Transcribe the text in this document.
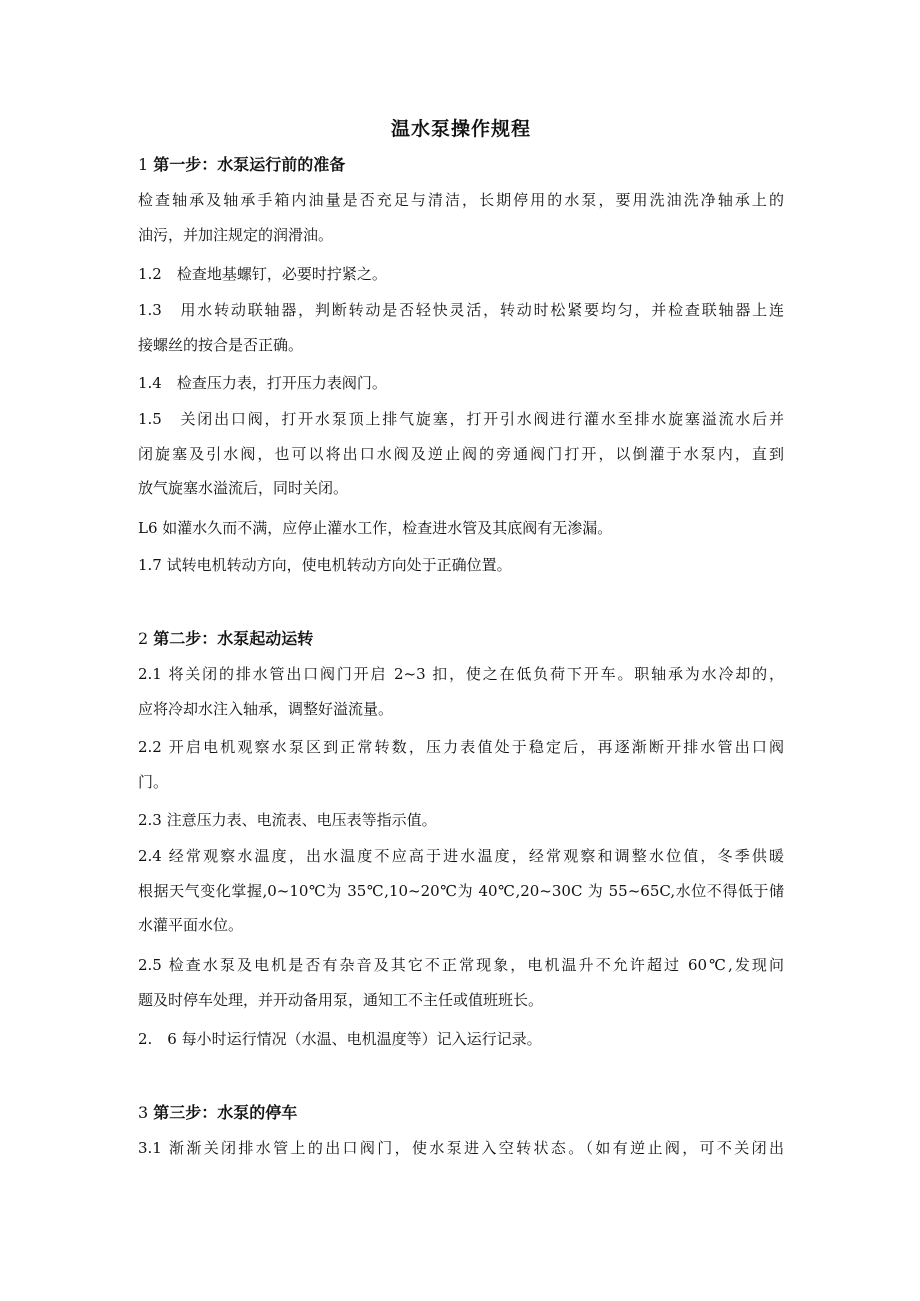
温水泵操作规程
1 第一步：水泵运行前的准备
检查轴承及轴承手箱内油量是否充足与清洁，长期停用的水泵，要用洗油洗净轴承上的
油污，并加注规定的润滑油。
1.2　检查地基螺钉，必要时拧紧之。
1.3　用水转动联轴器，判断转动是否轻快灵活，转动时松紧要均匀，并检查联轴器上连
接螺丝的按合是否正确。
1.4　检查压力表，打开压力表阀门。
1.5　关闭出口阀，打开水泵顶上排气旋塞，打开引水阀进行灌水至排水旋塞溢流水后并
闭旋塞及引水阀，也可以将出口水阀及逆止阀的旁通阀门打开，以倒灌于水泵内，直到
放气旋塞水溢流后，同时关闭。
L6 如灌水久而不满，应停止灌水工作，检查进水管及其底阀有无渗漏。
1.7 试转电机转动方向，使电机转动方向处于正确位置。
2 第二步：水泵起动运转
2.1 将关闭的排水管出口阀门开启 2~3 扣，使之在低负荷下开车。职轴承为水冷却的，
应将冷却水注入轴承，调整好溢流量。
2.2 开启电机观察水泵区到正常转数，压力表值处于稳定后，再逐渐断开排水管出口阀
门。
2.3 注意压力表、电流表、电压表等指示值。
2.4 经常观察水温度，出水温度不应高于进水温度，经常观察和调整水位值，冬季供暖
根据天气变化掌握,0~10℃为 35℃,10~20℃为 40℃,20~30C 为 55~65C,水位不得低于储
水灌平面水位。
2.5 检查水泵及电机是否有杂音及其它不正常现象，电机温升不允许超过 60℃,发现问
题及时停车处理，并开动备用泵，通知工不主任或值班班长。
2.　6 每小时运行情况（水温、电机温度等）记入运行记录。
3 第三步：水泵的停车
3.1 渐渐关闭排水管上的出口阀门，使水泵进入空转状态。（如有逆止阀，可不关闭出
